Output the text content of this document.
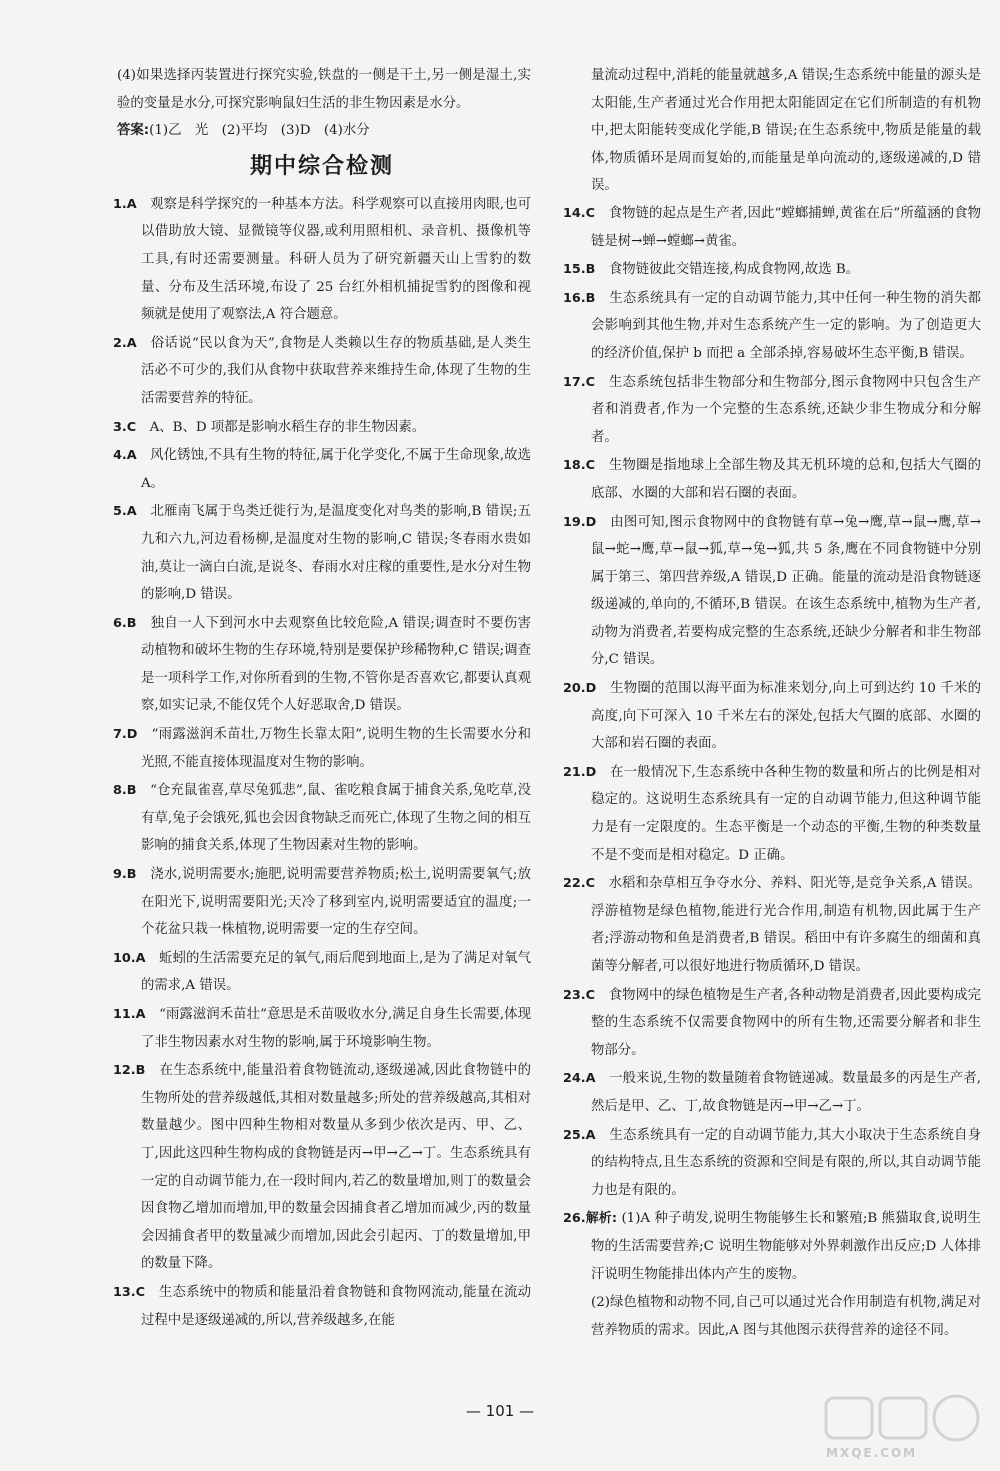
(4)如果选择丙装置进行探究实验,铁盘的一侧是干土,另一侧是湿土,实验的变量是水分,可探究影响鼠妇生活的非生物因素是水分。

答案:(1)乙　光　(2)平均　(3)D　(4)水分

期中综合检测

1.A　 观察是科学探究的一种基本方法。科学观察可以直接用肉眼,也可以借助放大镜、显微镜等仪器,或利用照相机、录音机、摄像机等工具,有时还需要测量。科研人员为了研究新疆天山上雪豹的数量、分布及生活环境,布设了 25 台红外相机捕捉雪豹的图像和视频就是使用了观察法,A 符合题意。

2.A　 俗话说“民以食为天”,食物是人类赖以生存的物质基础,是人类生活必不可少的,我们从食物中获取营养来维持生命,体现了生物的生活需要营养的特征。

3.C　 A、B、D 项都是影响水稻生存的非生物因素。

4.A　 风化锈蚀,不具有生物的特征,属于化学变化,不属于生命现象,故选 A。

5.A　 北雁南飞属于鸟类迁徙行为,是温度变化对鸟类的影响,B 错误;五九和六九,河边看杨柳,是温度对生物的影响,C 错误;冬春雨水贵如油,莫让一滴白白流,是说冬、春雨水对庄稼的重要性,是水分对生物的影响,D 错误。

6.B　 独自一人下到河水中去观察鱼比较危险,A 错误;调查时不要伤害动植物和破坏生物的生存环境,特别是要保护珍稀物种,C 错误;调查是一项科学工作,对你所看到的生物,不管你是否喜欢它,都要认真观察,如实记录,不能仅凭个人好恶取舍,D 错误。

7.D　 “雨露滋润禾苗壮,万物生长靠太阳”,说明生物的生长需要水分和光照,不能直接体现温度对生物的影响。

8.B　 “仓充鼠雀喜,草尽兔狐悲”,鼠、雀吃粮食属于捕食关系,兔吃草,没有草,兔子会饿死,狐也会因食物缺乏而死亡,体现了生物之间的相互影响的捕食关系,体现了生物因素对生物的影响。

9.B　 浇水,说明需要水;施肥,说明需要营养物质;松土,说明需要氧气;放在阳光下,说明需要阳光;天冷了移到室内,说明需要适宜的温度;一个花盆只栽一株植物,说明需要一定的生存空间。

10.A　 蚯蚓的生活需要充足的氧气,雨后爬到地面上,是为了满足对氧气的需求,A 错误。

11.A　 “雨露滋润禾苗壮”意思是禾苗吸收水分,满足自身生长需要,体现了非生物因素水对生物的影响,属于环境影响生物。

12.B　 在生态系统中,能量沿着食物链流动,逐级递减,因此食物链中的生物所处的营养级越低,其相对数量越多;所处的营养级越高,其相对数量越少。图中四种生物相对数量从多到少依次是丙、甲、乙、丁,因此这四种生物构成的食物链是丙→甲→乙→丁。生态系统具有一定的自动调节能力,在一段时间内,若乙的数量增加,则丁的数量会因食物乙增加而增加,甲的数量会因捕食者乙增加而减少,丙的数量会因捕食者甲的数量减少而增加,因此会引起丙、丁的数量增加,甲的数量下降。

13.C　 生态系统中的物质和能量沿着食物链和食物网流动,能量在流动过程中是逐级递减的,所以,营养级越多,在能

量流动过程中,消耗的能量就越多,A 错误;生态系统中能量的源头是太阳能,生产者通过光合作用把太阳能固定在它们所制造的有机物中,把太阳能转变成化学能,B 错误;在生态系统中,物质是能量的载体,物质循环是周而复始的,而能量是单向流动的,逐级递减的,D 错误。

14.C　 食物链的起点是生产者,因此“螳螂捕蝉,黄雀在后”所蕴涵的食物链是树→蝉→螳螂→黄雀。

15.B　 食物链彼此交错连接,构成食物网,故选 B。

16.B　 生态系统具有一定的自动调节能力,其中任何一种生物的消失都会影响到其他生物,并对生态系统产生一定的影响。为了创造更大的经济价值,保护 b 而把 a 全部杀掉,容易破坏生态平衡,B 错误。

17.C　 生态系统包括非生物部分和生物部分,图示食物网中只包含生产者和消费者,作为一个完整的生态系统,还缺少非生物成分和分解者。

18.C　 生物圈是指地球上全部生物及其无机环境的总和,包括大气圈的底部、水圈的大部和岩石圈的表面。

19.D　 由图可知,图示食物网中的食物链有草→兔→鹰,草→鼠→鹰,草→鼠→蛇→鹰,草→鼠→狐,草→兔→狐,共 5 条,鹰在不同食物链中分别属于第三、第四营养级,A 错误,D 正确。能量的流动是沿食物链逐级递减的,单向的,不循环,B 错误。在该生态系统中,植物为生产者,动物为消费者,若要构成完整的生态系统,还缺少分解者和非生物部分,C 错误。

20.D　 生物圈的范围以海平面为标准来划分,向上可到达约 10 千米的高度,向下可深入 10 千米左右的深处,包括大气圈的底部、水圈的大部和岩石圈的表面。

21.D　 在一般情况下,生态系统中各种生物的数量和所占的比例是相对稳定的。这说明生态系统具有一定的自动调节能力,但这种调节能力是有一定限度的。生态平衡是一个动态的平衡,生物的种类数量不是不变而是相对稳定。D 正确。

22.C　 水稻和杂草相互争夺水分、养料、阳光等,是竞争关系,A 错误。浮游植物是绿色植物,能进行光合作用,制造有机物,因此属于生产者;浮游动物和鱼是消费者,B 错误。稻田中有许多腐生的细菌和真菌等分解者,可以很好地进行物质循环,D 错误。

23.C　 食物网中的绿色植物是生产者,各种动物是消费者,因此要构成完整的生态系统不仅需要食物网中的所有生物,还需要分解者和非生物部分。

24.A　 一般来说,生物的数量随着食物链递减。数量最多的丙是生产者,然后是甲、乙、丁,故食物链是丙→甲→乙→丁。

25.A　 生态系统具有一定的自动调节能力,其大小取决于生态系统自身的结构特点,且生态系统的资源和空间是有限的,所以,其自动调节能力也是有限的。

26.解析: (1)A 种子萌发,说明生物能够生长和繁殖;B 熊猫取食,说明生物的生活需要营养;C 说明生物能够对外界刺激作出反应;D 人体排汗说明生物能排出体内产生的废物。

(2)绿色植物和动物不同,自己可以通过光合作用制造有机物,满足对营养物质的需求。因此,A 图与其他图示获得营养的途径不同。

— 101 —
MXQE.COM
